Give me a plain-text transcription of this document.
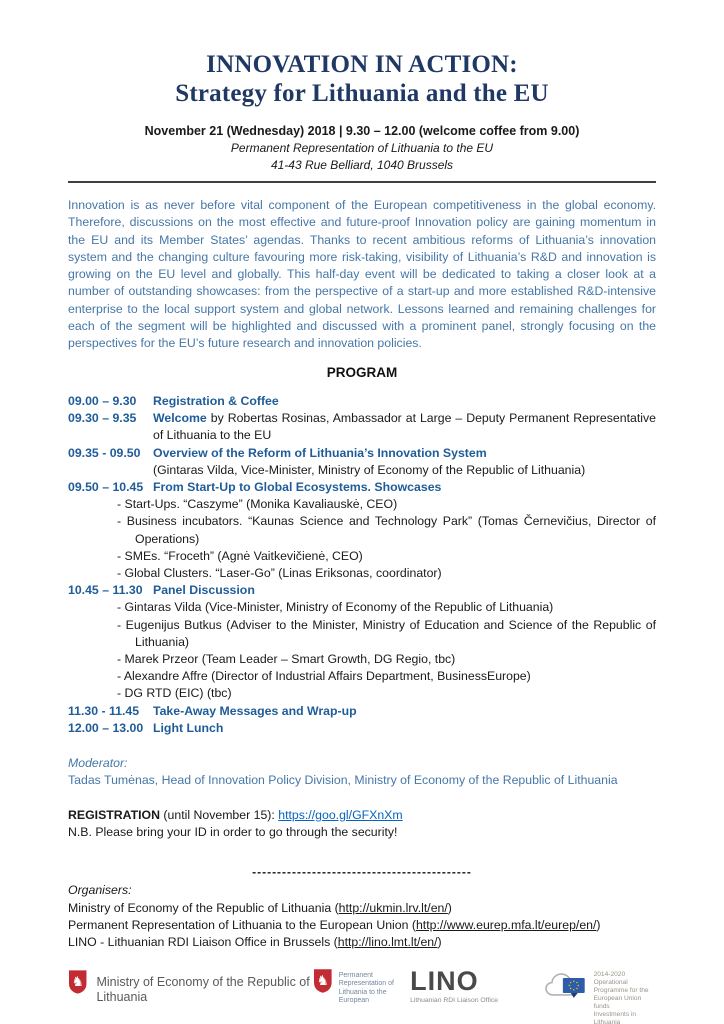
INNOVATION IN ACTION:
Strategy for Lithuania and the EU
November 21 (Wednesday) 2018 | 9.30 – 12.00 (welcome coffee from 9.00)
Permanent Representation of Lithuania to the EU
41-43 Rue Belliard, 1040 Brussels

Innovation is as never before vital component of the European competitiveness in the global economy. Therefore, discussions on the most effective and future-proof Innovation policy are gaining momentum in the EU and its Member States’ agendas. Thanks to recent ambitious reforms of Lithuania’s innovation system and the changing culture favouring more risk-taking, visibility of Lithuania’s R&D and innovation is growing on the EU level and globally. This half-day event will be dedicated to taking a closer look at a number of outstanding showcases: from the perspective of a start-up and more established R&D-intensive enterprise to the local support system and global network. Lessons learned and remaining challenges for each of the segment will be highlighted and discussed with a prominent panel, strongly focusing on the perspectives for the EU’s future research and innovation policies.

PROGRAM
09.00 – 9.30 Registration & Coffee
09.30 – 9.35 Welcome by Robertas Rosinas, Ambassador at Large – Deputy Permanent Representative of Lithuania to the EU
09.35 - 09.50 Overview of the Reform of Lithuania’s Innovation System
(Gintaras Vilda, Vice-Minister, Ministry of Economy of the Republic of Lithuania)
09.50 – 10.45 From Start-Up to Global Ecosystems. Showcases
- Start-Ups. “Caszyme” (Monika Kavaliauskė, CEO)
- Business incubators. “Kaunas Science and Technology Park” (Tomas Černevičius, Director of Operations)
- SMEs. “Froceth” (Agnė Vaitkevičienė, CEO)
- Global Clusters. “Laser-Go” (Linas Eriksonas, coordinator)
10.45 – 11.30 Panel Discussion
- Gintaras Vilda (Vice-Minister, Ministry of Economy of the Republic of Lithuania)
- Eugenijus Butkus (Adviser to the Minister, Ministry of Education and Science of the Republic of Lithuania)
- Marek Przeor (Team Leader – Smart Growth, DG Regio, tbc)
- Alexandre Affre (Director of Industrial Affairs Department, BusinessEurope)
- DG RTD (EIC) (tbc)
11.30 - 11.45 Take-Away Messages and Wrap-up
12.00 – 13.00 Light Lunch
Moderator:
Tadas Tumėnas, Head of Innovation Policy Division, Ministry of Economy of the Republic of Lithuania
REGISTRATION (until November 15): https://goo.gl/GFXnXm
N.B. Please bring your ID in order to go through the security!
--------------------------------------------
Organisers:
Ministry of Economy of the Republic of Lithuania (http://ukmin.lrv.lt/en/)
Permanent Representation of Lithuania to the European Union (http://www.eurep.mfa.lt/eurep/en/)
LINO - Lithuanian RDI Liaison Office in Brussels (http://lino.lmt.lt/en/)
♞ Ministry of Economy of the Republic of Lithuania
♞ Permanent
Representation of
Lithuania to the European
LINO
Lithuanian RDI Liaison Office
2014-2020 Operational
Programme for the
European Union funds
Investments in Lithuania
